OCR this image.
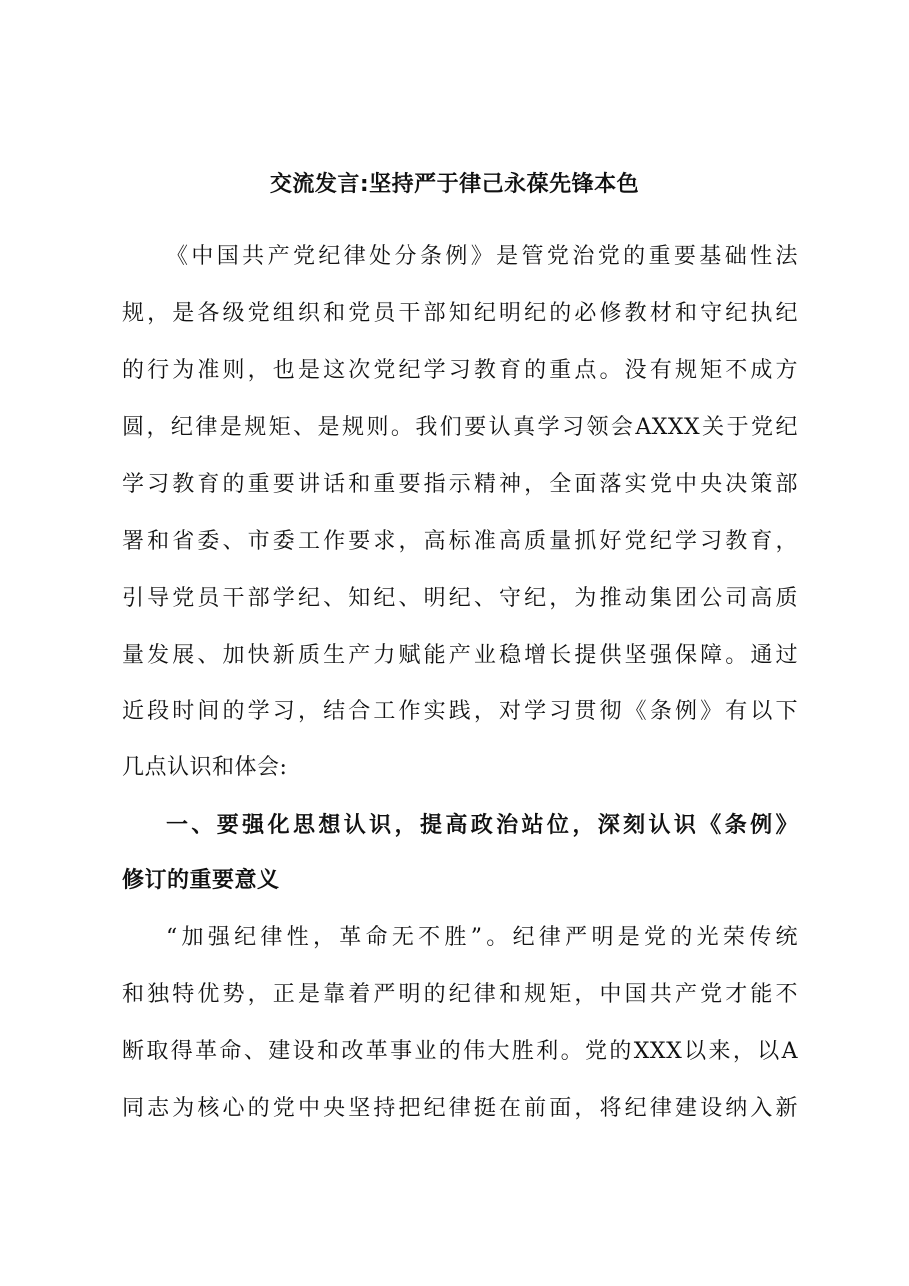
交流发言:坚持严于律己永葆先锋本色
《中国共产党纪律处分条例》是管党治党的重要基础性法
规，是各级党组织和党员干部知纪明纪的必修教材和守纪执纪
的行为准则，也是这次党纪学习教育的重点。没有规矩不成方
圆，纪律是规矩、是规则。我们要认真学习领会AXXX关于党纪
学习教育的重要讲话和重要指示精神，全面落实党中央决策部
署和省委、市委工作要求，高标准高质量抓好党纪学习教育，
引导党员干部学纪、知纪、明纪、守纪，为推动集团公司高质
量发展、加快新质生产力赋能产业稳增长提供坚强保障。通过
近段时间的学习，结合工作实践，对学习贯彻《条例》有以下
几点认识和体会:
一、要强化思想认识，提高政治站位，深刻认识《条例》
修订的重要意义
“加强纪律性，革命无不胜”。纪律严明是党的光荣传统
和独特优势，正是靠着严明的纪律和规矩，中国共产党才能不
断取得革命、建设和改革事业的伟大胜利。党的XXX以来，以A
同志为核心的党中央坚持把纪律挺在前面，将纪律建设纳入新
